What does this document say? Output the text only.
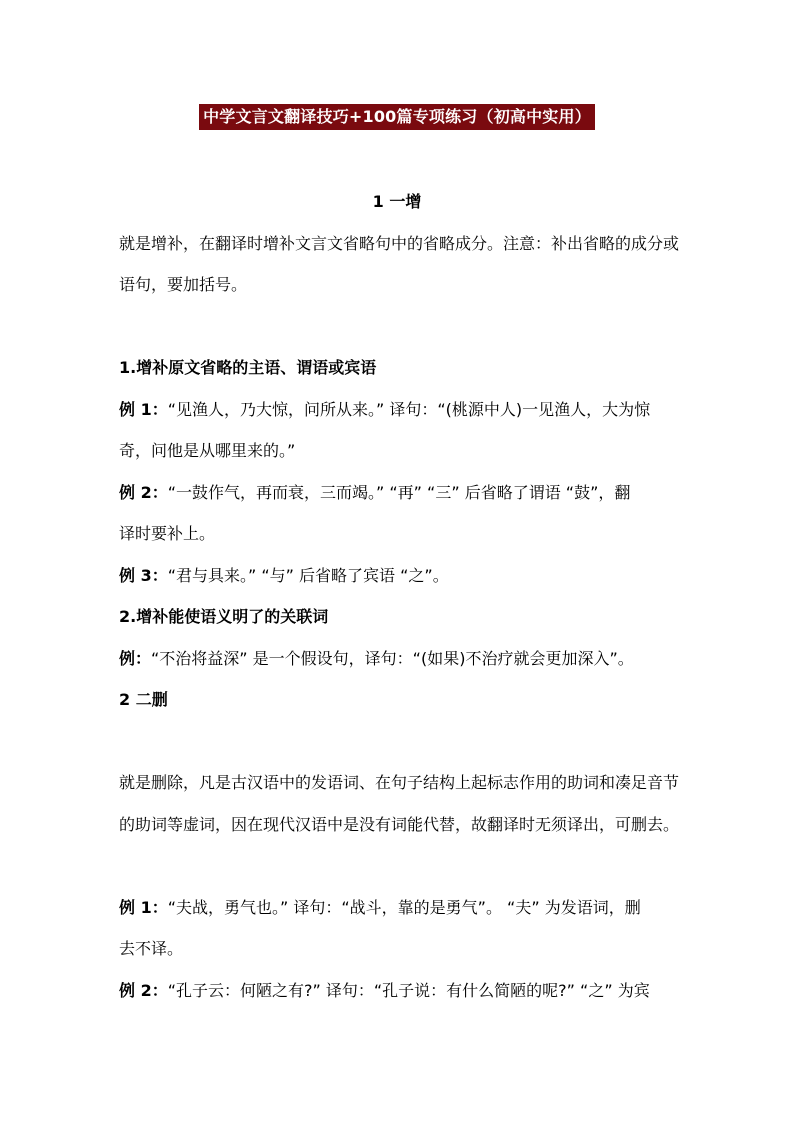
中学文言文翻译技巧+100篇专项练习（初高中实用）
1 一增
就是增补，在翻译时增补文言文省略句中的省略成分。注意：补出省略的成分或
语句，要加括号。
1.增补原文省略的主语、谓语或宾语
例 1：“见渔人，乃大惊，问所从来。” 译句：“(桃源中人)一见渔人，大为惊
奇，问他是从哪里来的。”
例 2：“一鼓作气，再而衰，三而竭。” “再” “三” 后省略了谓语 “鼓”，翻
译时要补上。
例 3：“君与具来。” “与” 后省略了宾语 “之”。
2.增补能使语义明了的关联词
例：“不治将益深” 是一个假设句，译句：“(如果)不治疗就会更加深入”。
2 二删
就是删除，凡是古汉语中的发语词、在句子结构上起标志作用的助词和凑足音节
的助词等虚词，因在现代汉语中是没有词能代替，故翻译时无须译出，可删去。
例 1：“夫战，勇气也。” 译句：“战斗，靠的是勇气”。 “夫” 为发语词，删
去不译。
例 2：“孔子云：何陋之有?” 译句：“孔子说：有什么简陋的呢?” “之” 为宾
